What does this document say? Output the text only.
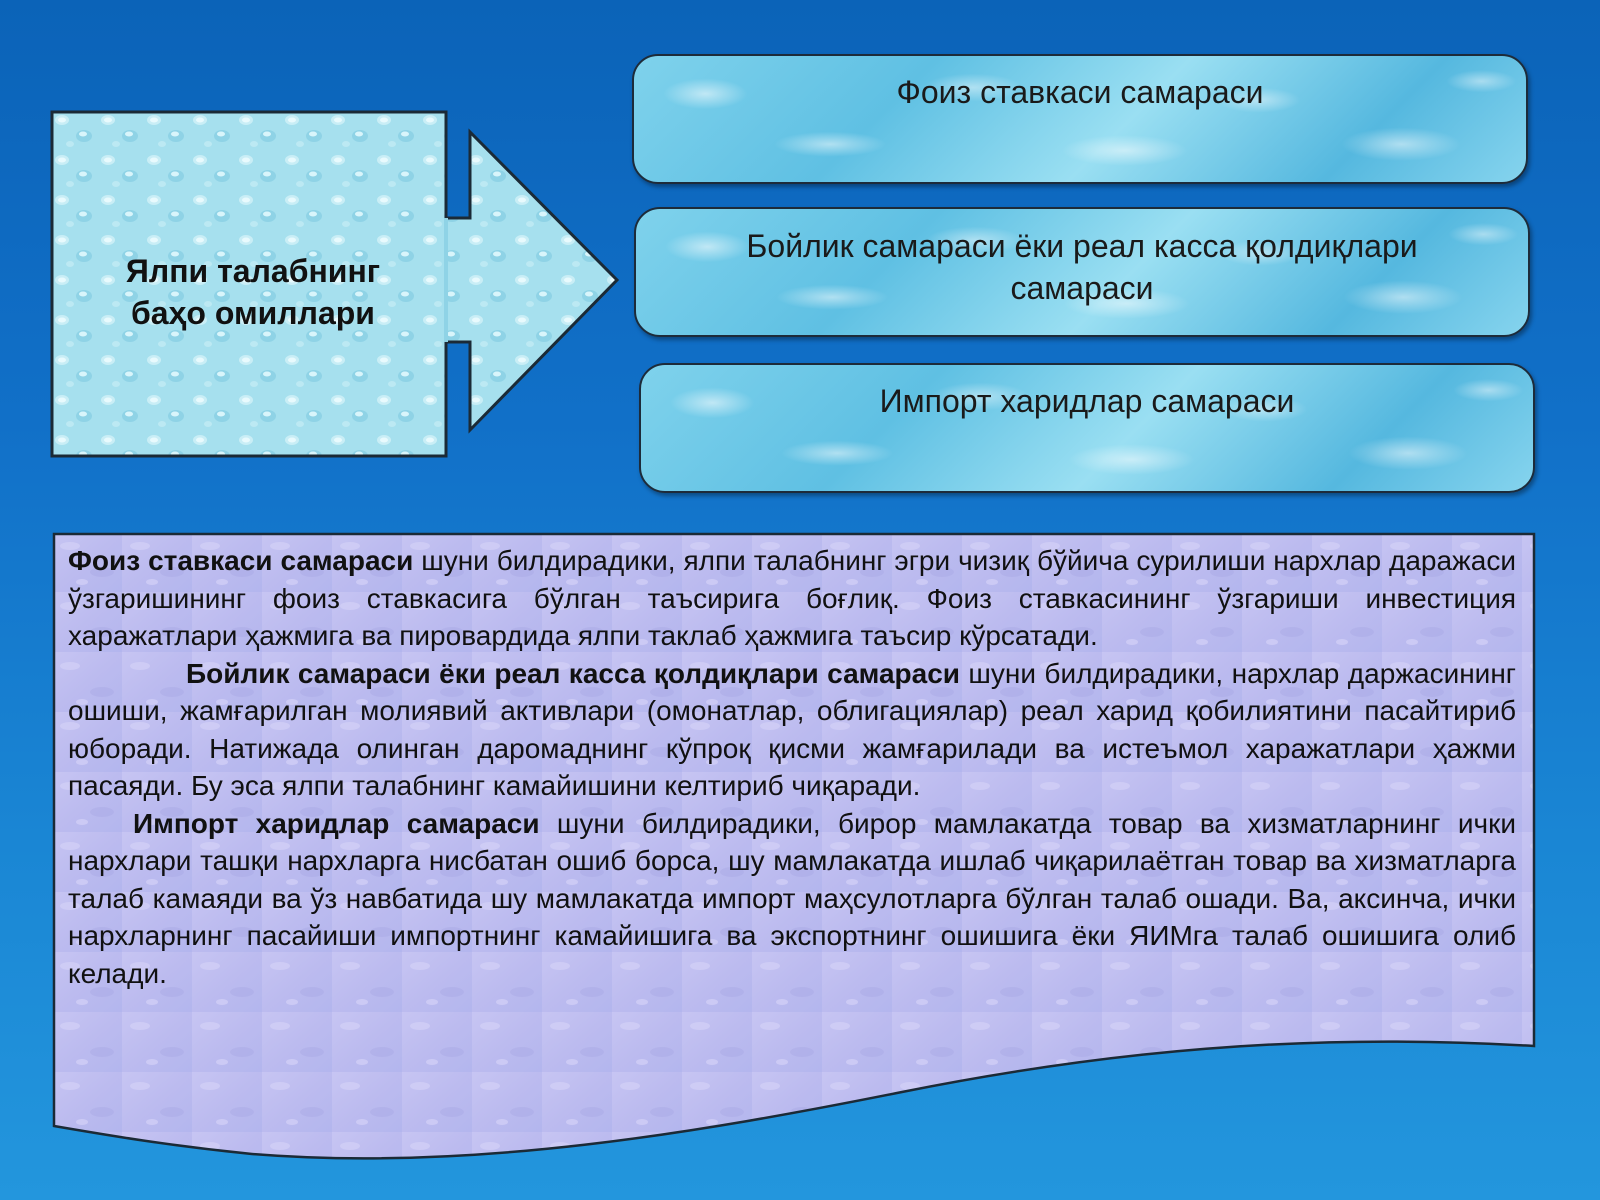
Ялпи талабнинг
баҳо омиллари
Фоиз ставкаси самараси
Бойлик самараси ёки реал касса қолдиқлари
самараси
Импорт харидлар самараси

Фоиз ставкаси самараси шуни билдирадики, ялпи талабнинг эгри чизиқ бўйича сурилиши нархлар даражаси ўзгаришининг фоиз ставкасига бўлган таъсирига боғлиқ. Фоиз ставкасининг ўзгариши инвестиция харажатлари ҳажмига ва пировардида ялпи таклаб ҳажмига таъсир кўрсатади.

Бойлик самараси ёки реал касса қолдиқлари самараси шуни билдирадики, нархлар даржасининг ошиши, жамғарилган молиявий активлари (омонатлар, облигациялар) реал харид қобилиятини пасайтириб юборади. Натижада олинган даромаднинг кўпроқ қисми жамғарилади ва истеъмол харажатлари ҳажми пасаяди. Бу эса ялпи талабнинг камайишини келтириб чиқаради.

Импорт харидлар самараси шуни билдирадики, бирор мамлакатда товар ва хизматларнинг ички нархлари ташқи нархларга нисбатан ошиб борса, шу мамлакатда ишлаб чиқарилаётган товар ва хизматларга талаб камаяди ва ўз навбатида шу мамлакатда импорт маҳсулотларга бўлган талаб ошади. Ва, аксинча, ички нархларнинг пасайиши импортнинг камайишига ва экспортнинг ошишига ёки ЯИМга талаб ошишига олиб келади.
